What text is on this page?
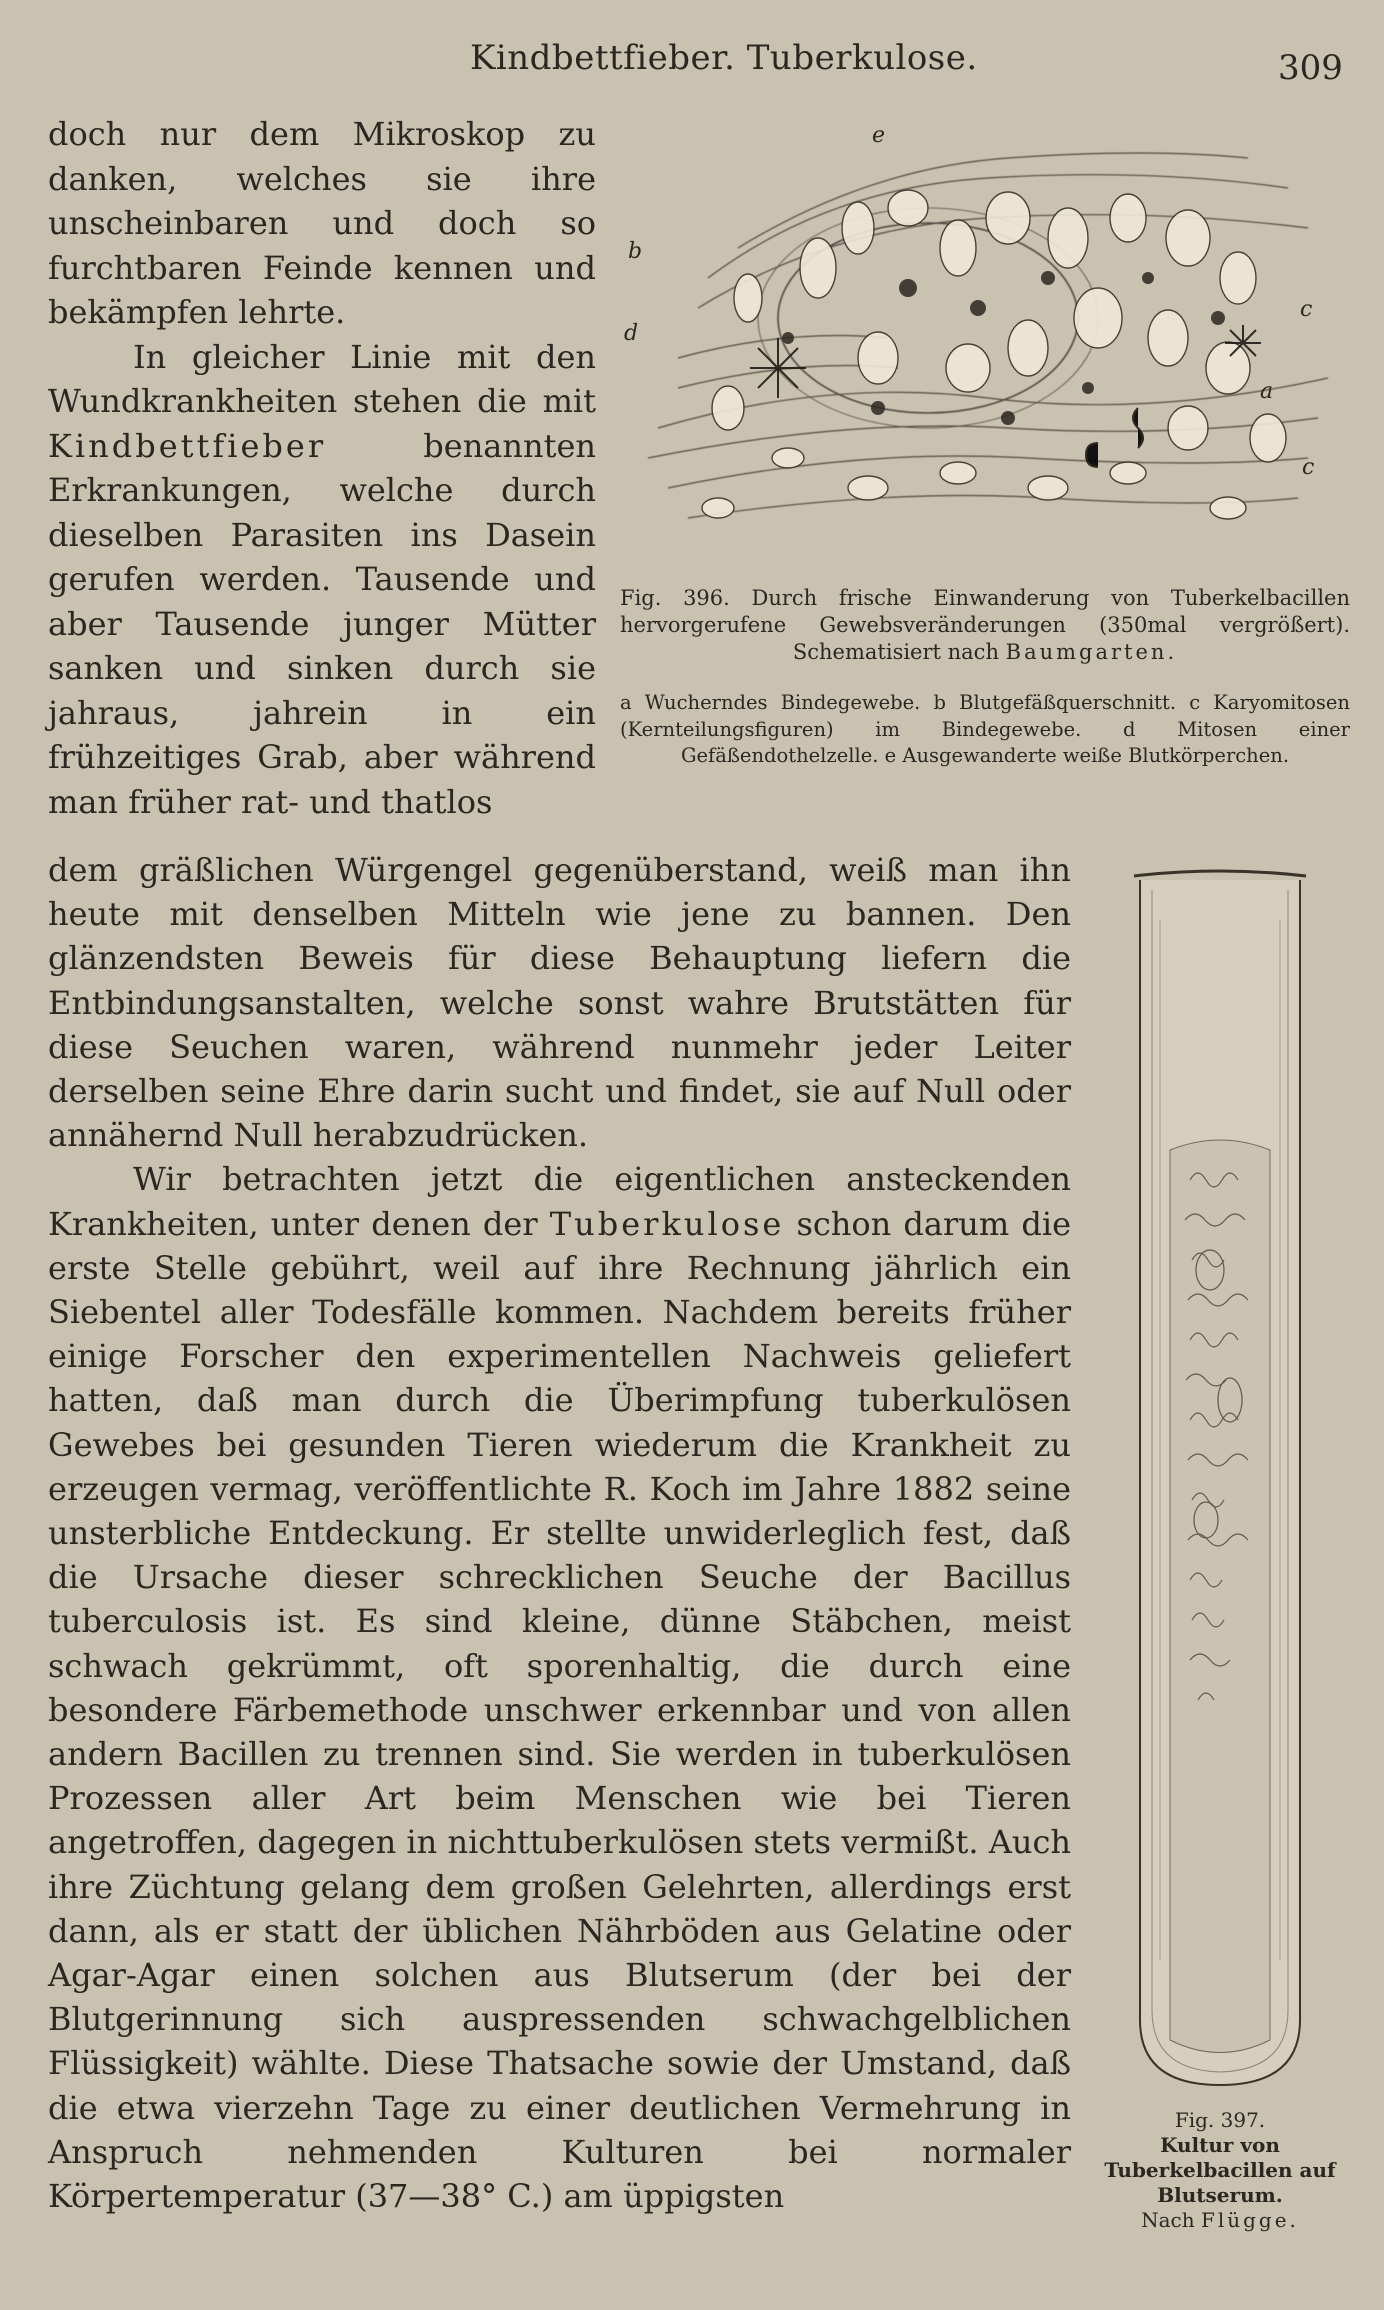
Kindbettfieber. Tuberkulose.	309

doch nur dem Mikroskop zu danken, welches sie ihre unscheinbaren und doch so furchtbaren Feinde kennen und bekämpfen lehrte.

In gleicher Linie mit den Wundkrankheiten stehen die mit Kindbettfieber benannten Erkrankungen, welche durch dieselben Parasiten ins Dasein gerufen werden. Tausende und aber Tausende junger Mütter sanken und sinken durch sie jahraus, jahrein in ein frühzeitiges Grab, aber während man früher rat- und thatlos

a
b
c
c
d
e
Fig. 396. Durch frische Einwanderung von Tuberkelbacillen hervorgerufene Gewebsveränderungen (350mal vergrößert). Schematisiert nach Baumgarten.
a Wucherndes Bindegewebe. b Blutgefäßquerschnitt. c Karyomitosen (Kernteilungsfiguren) im Bindegewebe. d Mitosen einer Gefäßendothelzelle. e Ausgewanderte weiße Blutkörperchen.

dem gräßlichen Würgengel gegenüberstand, weiß man ihn heute mit denselben Mitteln wie jene zu bannen. Den glänzendsten Beweis für diese Behauptung liefern die Entbindungsanstalten, welche sonst wahre Brutstätten für diese Seuchen waren, während nunmehr jeder Leiter derselben seine Ehre darin sucht und findet, sie auf Null oder annähernd Null herabzudrücken.

Wir betrachten jetzt die eigentlichen ansteckenden Krankheiten, unter denen der Tuberkulose schon darum die erste Stelle gebührt, weil auf ihre Rechnung jährlich ein Siebentel aller Todesfälle kommen. Nachdem bereits früher einige Forscher den experimentellen Nachweis geliefert hatten, daß man durch die Überimpfung tuberkulösen Gewebes bei gesunden Tieren wiederum die Krankheit zu erzeugen vermag, veröffentlichte R. Koch im Jahre 1882 seine unsterbliche Entdeckung. Er stellte unwiderleglich fest, daß die Ursache dieser schrecklichen Seuche der Bacillus tuberculosis ist. Es sind kleine, dünne Stäbchen, meist schwach gekrümmt, oft sporenhaltig, die durch eine besondere Färbemethode unschwer erkennbar und von allen andern Bacillen zu trennen sind. Sie werden in tuberkulösen Prozessen aller Art beim Menschen wie bei Tieren angetroffen, dagegen in nichttuberkulösen stets vermißt. Auch ihre Züchtung gelang dem großen Gelehrten, allerdings erst dann, als er statt der üblichen Nährböden aus Gelatine oder Agar-Agar einen solchen aus Blutserum (der bei der Blutgerinnung sich auspressenden schwachgelblichen Flüssigkeit) wählte. Diese Thatsache sowie der Umstand, daß die etwa vierzehn Tage zu einer deutlichen Vermehrung in Anspruch nehmenden Kulturen bei normaler Körpertemperatur (37—38° C.) am üppigsten

Fig. 397.
Kultur von Tuberkelbacillen auf Blutserum.
Nach Flügge.
